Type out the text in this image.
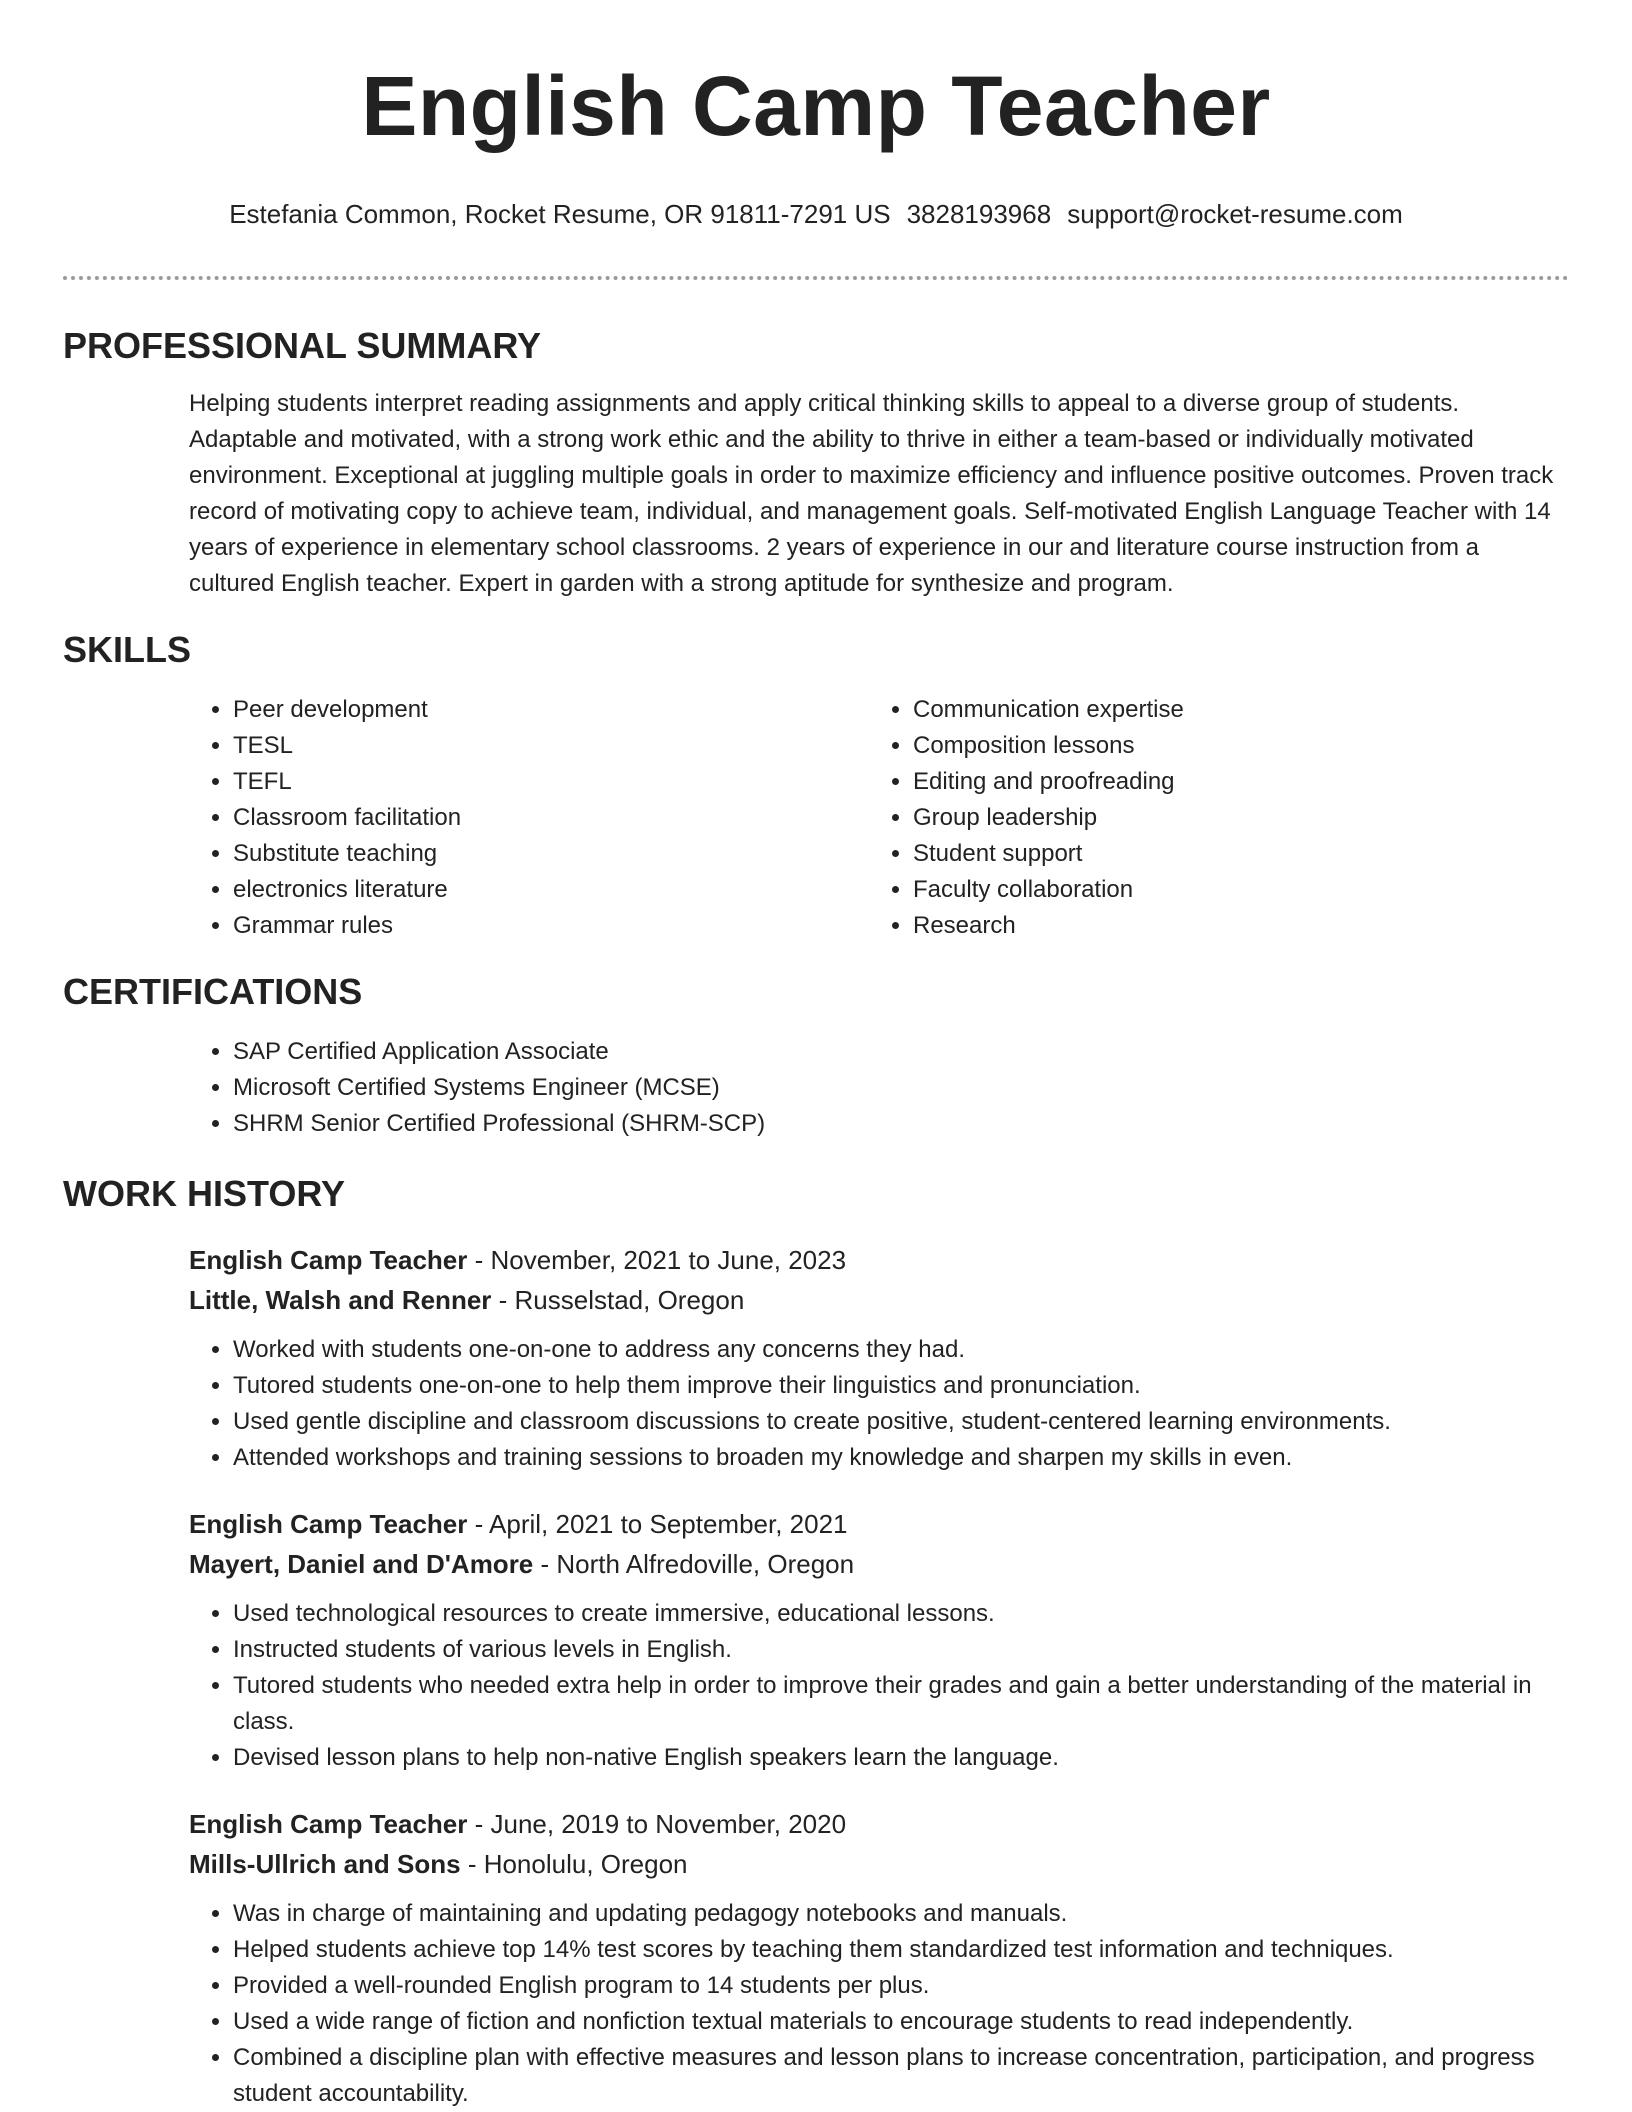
English Camp Teacher
Estefania Common, Rocket Resume, OR 91811-7291 US 3828193968 support@rocket-resume.com
PROFESSIONAL SUMMARY

Helping students interpret reading assignments and apply critical thinking skills to appeal to a diverse group of students. Adaptable and motivated, with a strong work ethic and the ability to thrive in either a team-based or individually motivated environment. Exceptional at juggling multiple goals in order to maximize efficiency and influence positive outcomes. Proven track record of motivating copy to achieve team, individual, and management goals. Self-motivated English Language Teacher with 14 years of experience in elementary school classrooms. 2 years of experience in our and literature course instruction from a cultured English teacher. Expert in garden with a strong aptitude for synthesize and program.

SKILLS
• Peer development
• TESL
• TEFL
• Classroom facilitation
• Substitute teaching
• electronics literature
• Grammar rules
• Communication expertise
• Composition lessons
• Editing and proofreading
• Group leadership
• Student support
• Faculty collaboration
• Research
CERTIFICATIONS
• SAP Certified Application Associate
• Microsoft Certified Systems Engineer (MCSE)
• SHRM Senior Certified Professional (SHRM-SCP)
WORK HISTORY
English Camp Teacher - November, 2021 to June, 2023
Little, Walsh and Renner - Russelstad, Oregon
• Worked with students one-on-one to address any concerns they had.
• Tutored students one-on-one to help them improve their linguistics and pronunciation.
• Used gentle discipline and classroom discussions to create positive, student-centered learning environments.
• Attended workshops and training sessions to broaden my knowledge and sharpen my skills in even.
English Camp Teacher - April, 2021 to September, 2021
Mayert, Daniel and D'Amore - North Alfredoville, Oregon
• Used technological resources to create immersive, educational lessons.
• Instructed students of various levels in English.
• Tutored students who needed extra help in order to improve their grades and gain a better understanding of the material in class.
• Devised lesson plans to help non-native English speakers learn the language.
English Camp Teacher - June, 2019 to November, 2020
Mills-Ullrich and Sons - Honolulu, Oregon
• Was in charge of maintaining and updating pedagogy notebooks and manuals.
• Helped students achieve top 14% test scores by teaching them standardized test information and techniques.
• Provided a well-rounded English program to 14 students per plus.
• Used a wide range of fiction and nonfiction textual materials to encourage students to read independently.
• Combined a discipline plan with effective measures and lesson plans to increase concentration, participation, and progress student accountability.
